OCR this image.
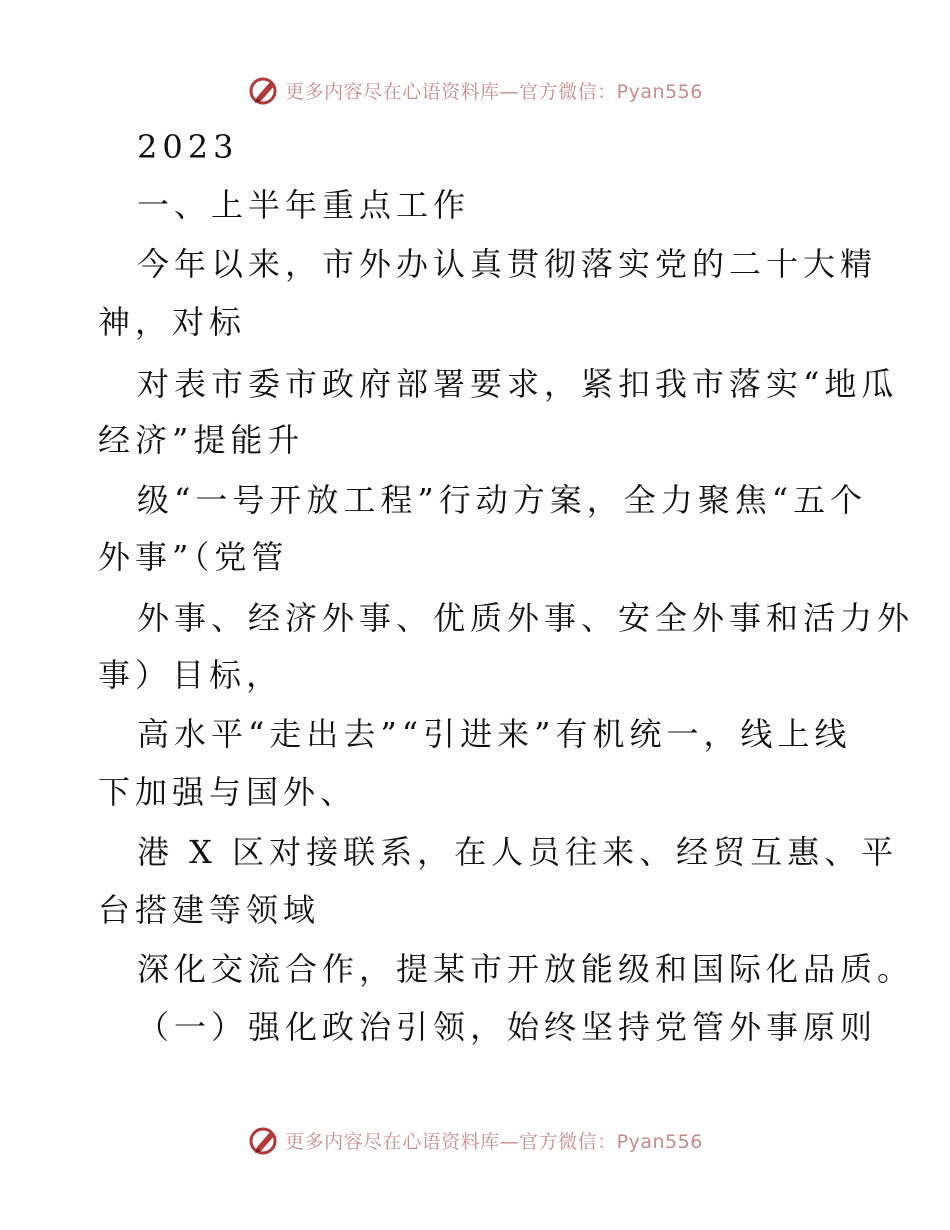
更多内容尽在心语资料库—官方微信：Pyan556
2023
一、上半年重点工作
今年以来，市外办认真贯彻落实党的二十大精
神，对标
对表市委市政府部署要求，紧扣我市落实“地瓜
经济”提能升
级“一号开放工程”行动方案，全力聚焦“五个
外事”（党管
外事、经济外事、优质外事、安全外事和活力外
事）目标，
高水平“走出去”“引进来”有机统一，线上线
下加强与国外、
港 X 区对接联系，在人员往来、经贸互惠、平
台搭建等领域
深化交流合作，提某市开放能级和国际化品质。
（一）强化政治引领，始终坚持党管外事原则
更多内容尽在心语资料库—官方微信：Pyan556
